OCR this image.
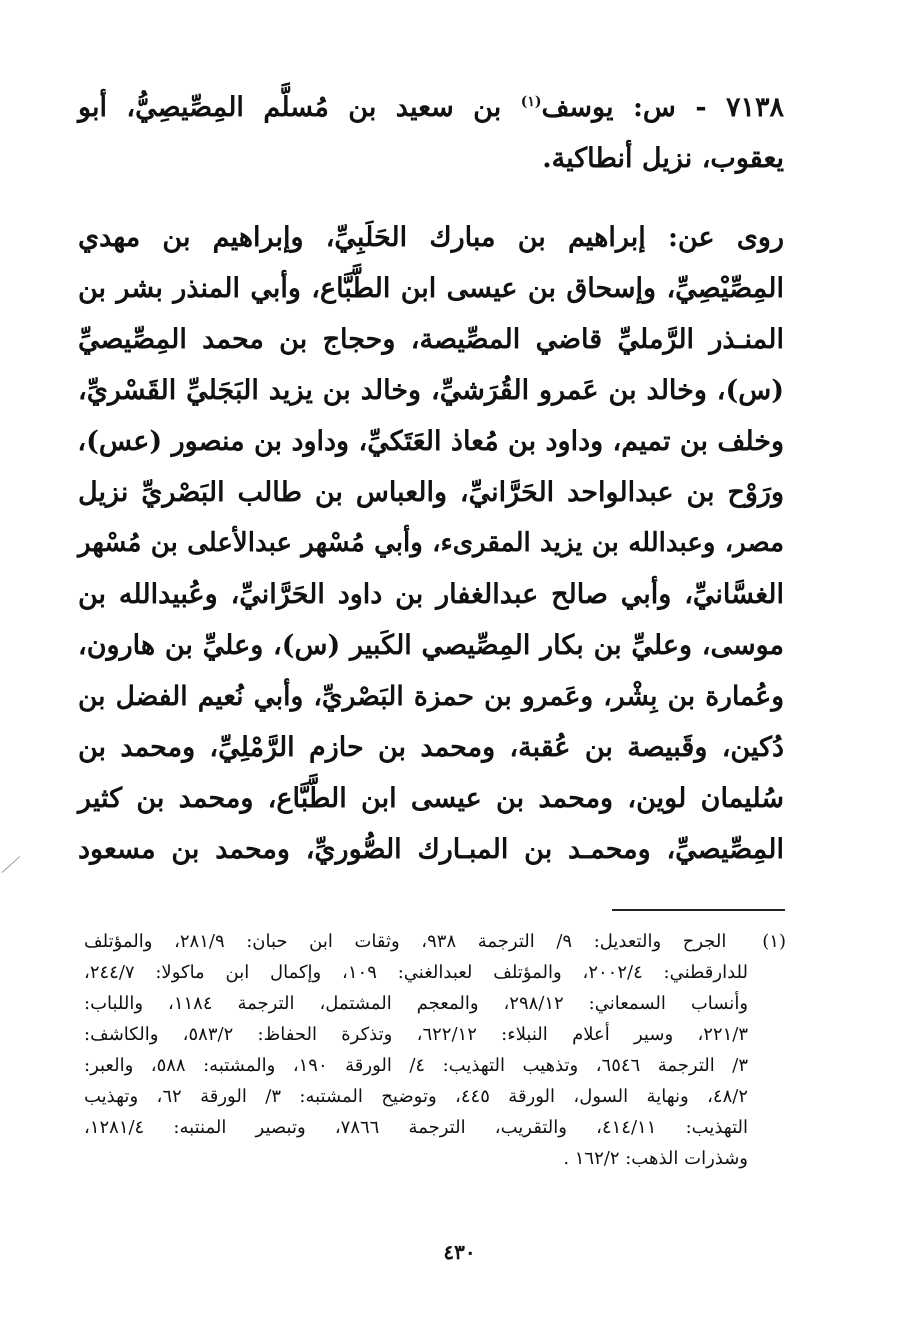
٧١٣٨ - س: يوسف$^{(١)}$ بن سعيد بن مُسلَّم المِصِّيصِيُّ، أبو
يعقوب، نزيل أنطاكية.
روى عن: إبراهيم بن مبارك الحَلَبِيِّ، وإبراهيم بن مهدي
المِصِّيْصِيِّ، وإسحاق بن عيسى ابن الطَّبَّاع، وأبي المنذر بشر بن
المنـذر الرَّمليِّ قاضي المصِّيصة، وحجاج بن محمد المِصِّيصيِّ
(س)، وخالد بن عَمرو القُرَشيِّ، وخالد بن يزيد البَجَليِّ القَسْريِّ،
وخلف بن تميم، وداود بن مُعاذ العَتَكيِّ، وداود بن منصور (عس)،
ورَوْح بن عبدالواحد الحَرَّانيِّ، والعباس بن طالب البَصْريِّ نزيل
مصر، وعبدالله بن يزيد المقرىء، وأبي مُسْهر عبدالأعلى بن مُسْهر
الغسَّانيِّ، وأبي صالح عبدالغفار بن داود الحَرَّانيِّ، وعُبيدالله بن
موسى، وعليِّ بن بكار المِصِّيصي الكَبير (س)، وعليِّ بن هارون،
وعُمارة بن بِشْر، وعَمرو بن حمزة البَصْريِّ، وأبي نُعيم الفضل بن
دُكين، وقَبيصة بن عُقبة، ومحمد بن حازم الرَّمْلِيِّ، ومحمد بن
سُليمان لوين، ومحمد بن عيسى ابن الطَّبَّاع، ومحمد بن كثير
المِصِّيصيِّ، ومحمـد بن المبـارك الصُّوريِّ، ومحمد بن مسعود
(١) الجرح والتعديل: ٩/ الترجمة ٩٣٨، وثقات ابن حبان: ٢٨١/٩، والمؤتلف
للدارقطني: ٢٠٠٢/٤، والمؤتلف لعبدالغني: ١٠٩، وإكمال ابن ماكولا: ٢٤٤/٧،
وأنساب السمعاني: ٢٩٨/١٢، والمعجم المشتمل، الترجمة ١١٨٤، واللباب:
٢٢١/٣، وسير أعلام النبلاء: ٦٢٢/١٢، وتذكرة الحفاظ: ٥٨٣/٢، والكاشف:
٣/ الترجمة ٦٥٤٦، وتذهيب التهذيب: ٤/ الورقة ١٩٠، والمشتبه: ٥٨٨، والعبر:
٤٨/٢، ونهاية السول، الورقة ٤٤٥، وتوضيح المشتبه: ٣/ الورقة ٦٢، وتهذيب
التهذيب: ٤١٤/١١، والتقريب، الترجمة ٧٨٦٦، وتبصير المنتبه: ١٢٨١/٤،
وشذرات الذهب: ١٦٢/٢ .
٤٣٠
